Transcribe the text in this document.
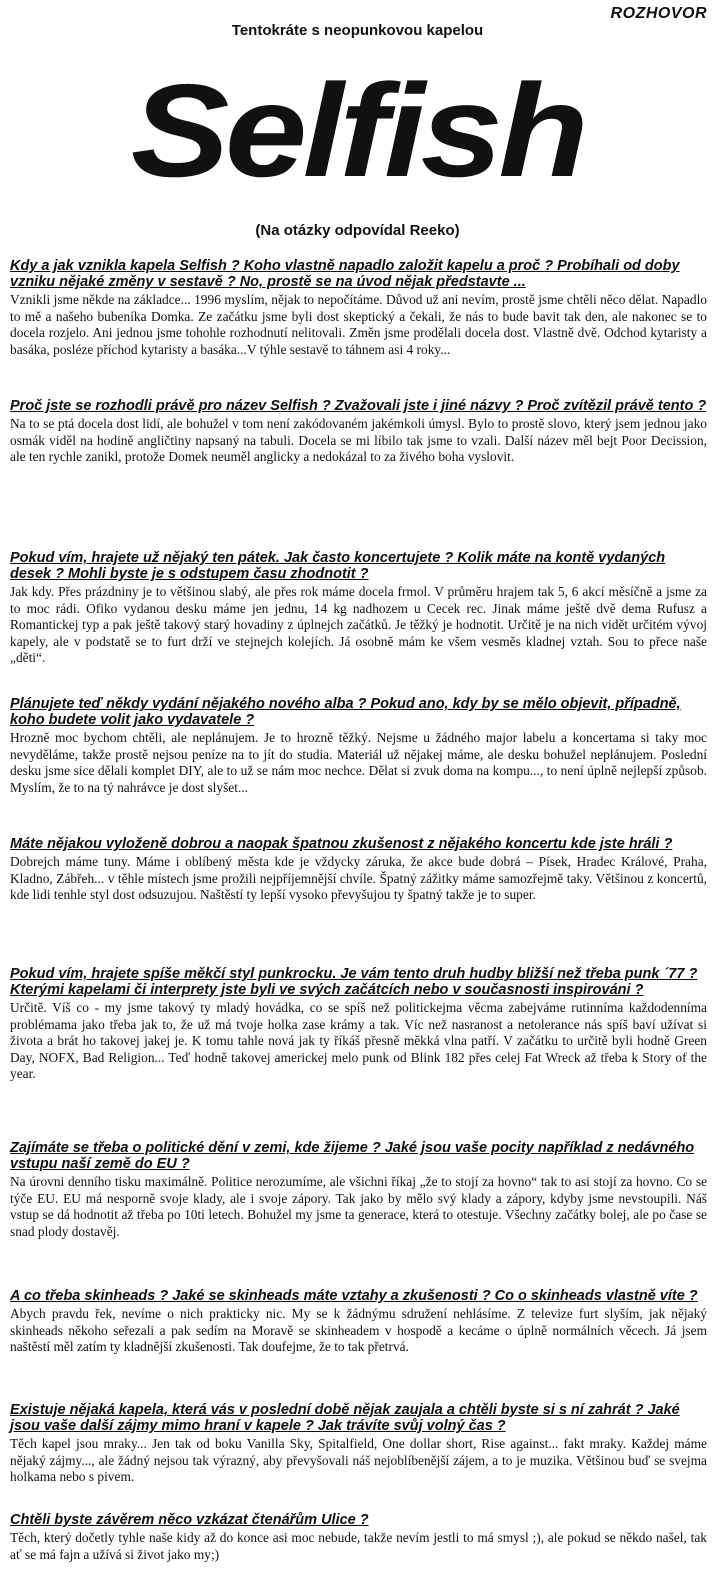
ROZHOVOR
Tentokráte s neopunkovou kapelou
Selfish
(Na otázky odpovídal Reeko)

Kdy a jak vznikla kapela Selfish ? Koho vlastně napadlo založit kapelu a proč ? Probíhali od doby vzniku nějaké změny v sestavě ? No, prostě se na úvod nějak představte ...

Vznikli jsme někde na základce... 1996 myslím, nějak to nepočítáme. Důvod už ani nevím, prostě jsme chtěli něco dělat. Napadlo to mě a našeho bubeníka Domka. Ze začátku jsme byli dost skeptický a čekali, že nás to bude bavit tak den, ale nakonec se to docela rozjelo. Ani jednou jsme tohohle rozhodnutí nelitovali. Změn jsme prodělali docela dost. Vlastně dvě. Odchod kytaristy a basáka, posléze příchod kytaristy a basáka...V týhle sestavě to táhnem asi 4 roky...

Proč jste se rozhodli právě pro název Selfish ? Zvažovali jste i jiné názvy ? Proč zvítězil právě tento ?

Na to se ptá docela dost lidí, ale bohužel v tom není zakódovaném jakémkoli úmysl. Bylo to prostě slovo, který jsem jednou jako osmák viděl na hodině angličtiny napsaný na tabuli. Docela se mi líbilo tak jsme to vzali. Další název měl bejt Poor Decission, ale ten rychle zanikl, protože Domek neuměl anglicky a nedokázal to za živého boha vyslovit.

Pokud vím, hrajete už nějaký ten pátek. Jak často koncertujete ? Kolik máte na kontě vydaných desek ? Mohli byste je s odstupem času zhodnotit ?

Jak kdy. Přes prázdniny je to většinou slabý, ale přes rok máme docela frmol. V průměru hrajem tak 5, 6 akcí měsíčně a jsme za to moc rádi. Ofiko vydanou desku máme jen jednu, 14 kg nadhozem u Cecek rec. Jinak máme ještě dvě dema Rufusz a Romantickej typ a pak ještě takový starý hovadiny z úplnejch začátků. Je těžký je hodnotit. Určitě je na nich vidět určitém vývoj kapely, ale v podstatě se to furt drží ve stejnejch kolejích. Já osobně mám ke všem vesměs kladnej vztah. Sou to přece naše „děti“.

Plánujete teď někdy vydání nějakého nového alba ? Pokud ano, kdy by se mělo objevit, případně, koho budete volit jako vydavatele ?

Hrozně moc bychom chtěli, ale neplánujem. Je to hrozně těžký. Nejsme u žádného major labelu a koncertama si taky moc nevyděláme, takže prostě nejsou peníze na to jít do studia. Materiál už nějakej máme, ale desku bohužel neplánujem. Poslední desku jsme sice dělali komplet DIY, ale to už se nám moc nechce. Dělat si zvuk doma na kompu..., to není úplně nejlepší způsob. Myslím, že to na tý nahrávce je dost slyšet...

Máte nějakou vyloženě dobrou a naopak špatnou zkušenost z nějakého koncertu kde jste hráli ?

Dobrejch máme tuny. Máme i oblíbený města kde je vždycky záruka, že akce bude dobrá – Písek, Hradec Králové, Praha, Kladno, Zábřeh... v těhle místech jsme prožili nejpříjemnější chvíle. Špatný zážitky máme samozřejmě taky. Většinou z koncertů, kde lidi tenhle styl dost odsuzujou. Naštěstí ty lepší vysoko převyšujou ty špatný takže je to super.

Pokud vím, hrajete spíše měkčí styl punkrocku. Je vám tento druh hudby bližší než třeba punk ´77 ? Kterými kapelami či interprety jste byli ve svých začátcích nebo v současnosti inspirováni ?

Určitě. Víš co - my jsme takový ty mladý hovádka, co se spíš než politickejma věcma zabejváme rutinníma každodenníma problémama jako třeba jak to, že už má tvoje holka zase krámy a tak. Víc než nasranost a netolerance nás spíš baví užívat si života a brát ho takovej jakej je. K tomu tahle nová jak ty říkáš přesně měkká vlna patří. V začátku to určitě byli hodně Green Day, NOFX, Bad Religion... Teď hodně takovej americkej melo punk od Blink 182 přes celej Fat Wreck až třeba k Story of the year.

Zajímáte se třeba o politické dění v zemi, kde žijeme ? Jaké jsou vaše pocity například z nedávného vstupu naší země do EU ?

Na úrovni denního tisku maximálně. Politice nerozumíme, ale všichni říkaj „že to stojí za hovno“ tak to asi stojí za hovno. Co se týče EU. EU má nesporně svoje klady, ale i svoje zápory. Tak jako by mělo svý klady a zápory, kdyby jsme nevstoupili. Náš vstup se dá hodnotit až třeba po 10ti letech. Bohužel my jsme ta generace, která to otestuje. Všechny začátky bolej, ale po čase se snad plody dostavěj.

A co třeba skinheads ? Jaké se skinheads máte vztahy a zkušenosti ? Co o skinheads vlastně víte ?

Abych pravdu řek, nevíme o nich prakticky nic. My se k žádnýmu sdružení nehlásíme. Z televize furt slyším, jak nějaký skinheads někoho seřezali a pak sedím na Moravě se skinheadem v hospodě a kecáme o úplně normálních věcech. Já jsem naštěstí měl zatím ty kladnější zkušenosti. Tak doufejme, že to tak přetrvá.

Existuje nějaká kapela, která vás v poslední době nějak zaujala a chtěli byste si s ní zahrát ? Jaké jsou vaše další zájmy mimo hraní v kapele ? Jak trávíte svůj volný čas ?

Těch kapel jsou mraky... Jen tak od boku Vanilla Sky, Spitalfield, One dollar short, Rise against... fakt mraky. Každej máme nějaký zájmy..., ale žádný nejsou tak výrazný, aby převyšovali náš nejoblíbenější zájem, a to je muzika. Většinou buď se svejma holkama nebo s pivem.

Chtěli byste závěrem něco vzkázat čtenářům Ulice ?

Těch, který dočetly tyhle naše kidy až do konce asi moc nebude, takže nevím jestli to má smysl ;), ale pokud se někdo našel, tak ať se má fajn a užívá si život jako my;)
